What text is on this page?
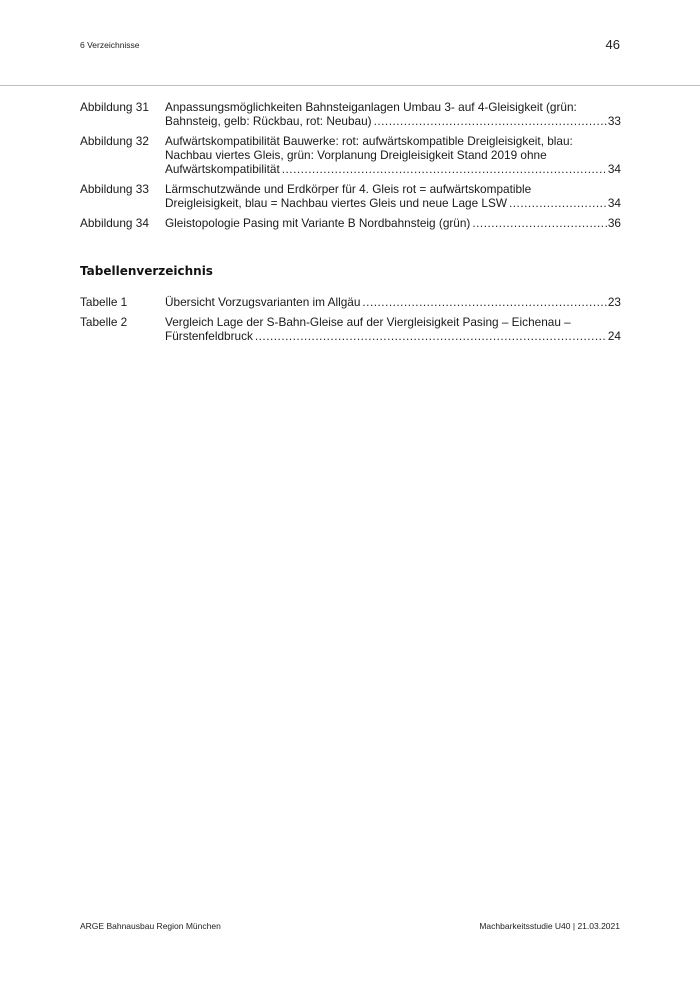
6 Verzeichnisse	46
Abbildung 31	Anpassungsmöglichkeiten Bahnsteiganlagen Umbau 3- auf 4-Gleisigkeit (grün:
Bahnsteig, gelb: Rückbau, rot: Neubau) .....	33
Abbildung 32	Aufwärtskompatibilität Bauwerke: rot: aufwärtskompatible Dreigleisigkeit, blau:
Nachbau viertes Gleis, grün: Vorplanung Dreigleisigkeit Stand 2019 ohne
Aufwärtskompatibilität .....	34
Abbildung 33	Lärmschutzwände und Erdkörper für 4. Gleis rot = aufwärtskompatible
Dreigleisigkeit, blau = Nachbau viertes Gleis und neue Lage LSW .....	34
Abbildung 34	Gleistopologie Pasing mit Variante B Nordbahnsteig (grün) .....	36
Tabellenverzeichnis
Tabelle 1	Übersicht Vorzugsvarianten im Allgäu .....	23
Tabelle 2	Vergleich Lage der S-Bahn-Gleise auf der Viergleisigkeit Pasing – Eichenau –
Fürstenfeldbruck .....	24
ARGE Bahnausbau Region München	Machbarkeitsstudie U40 | 21.03.2021
